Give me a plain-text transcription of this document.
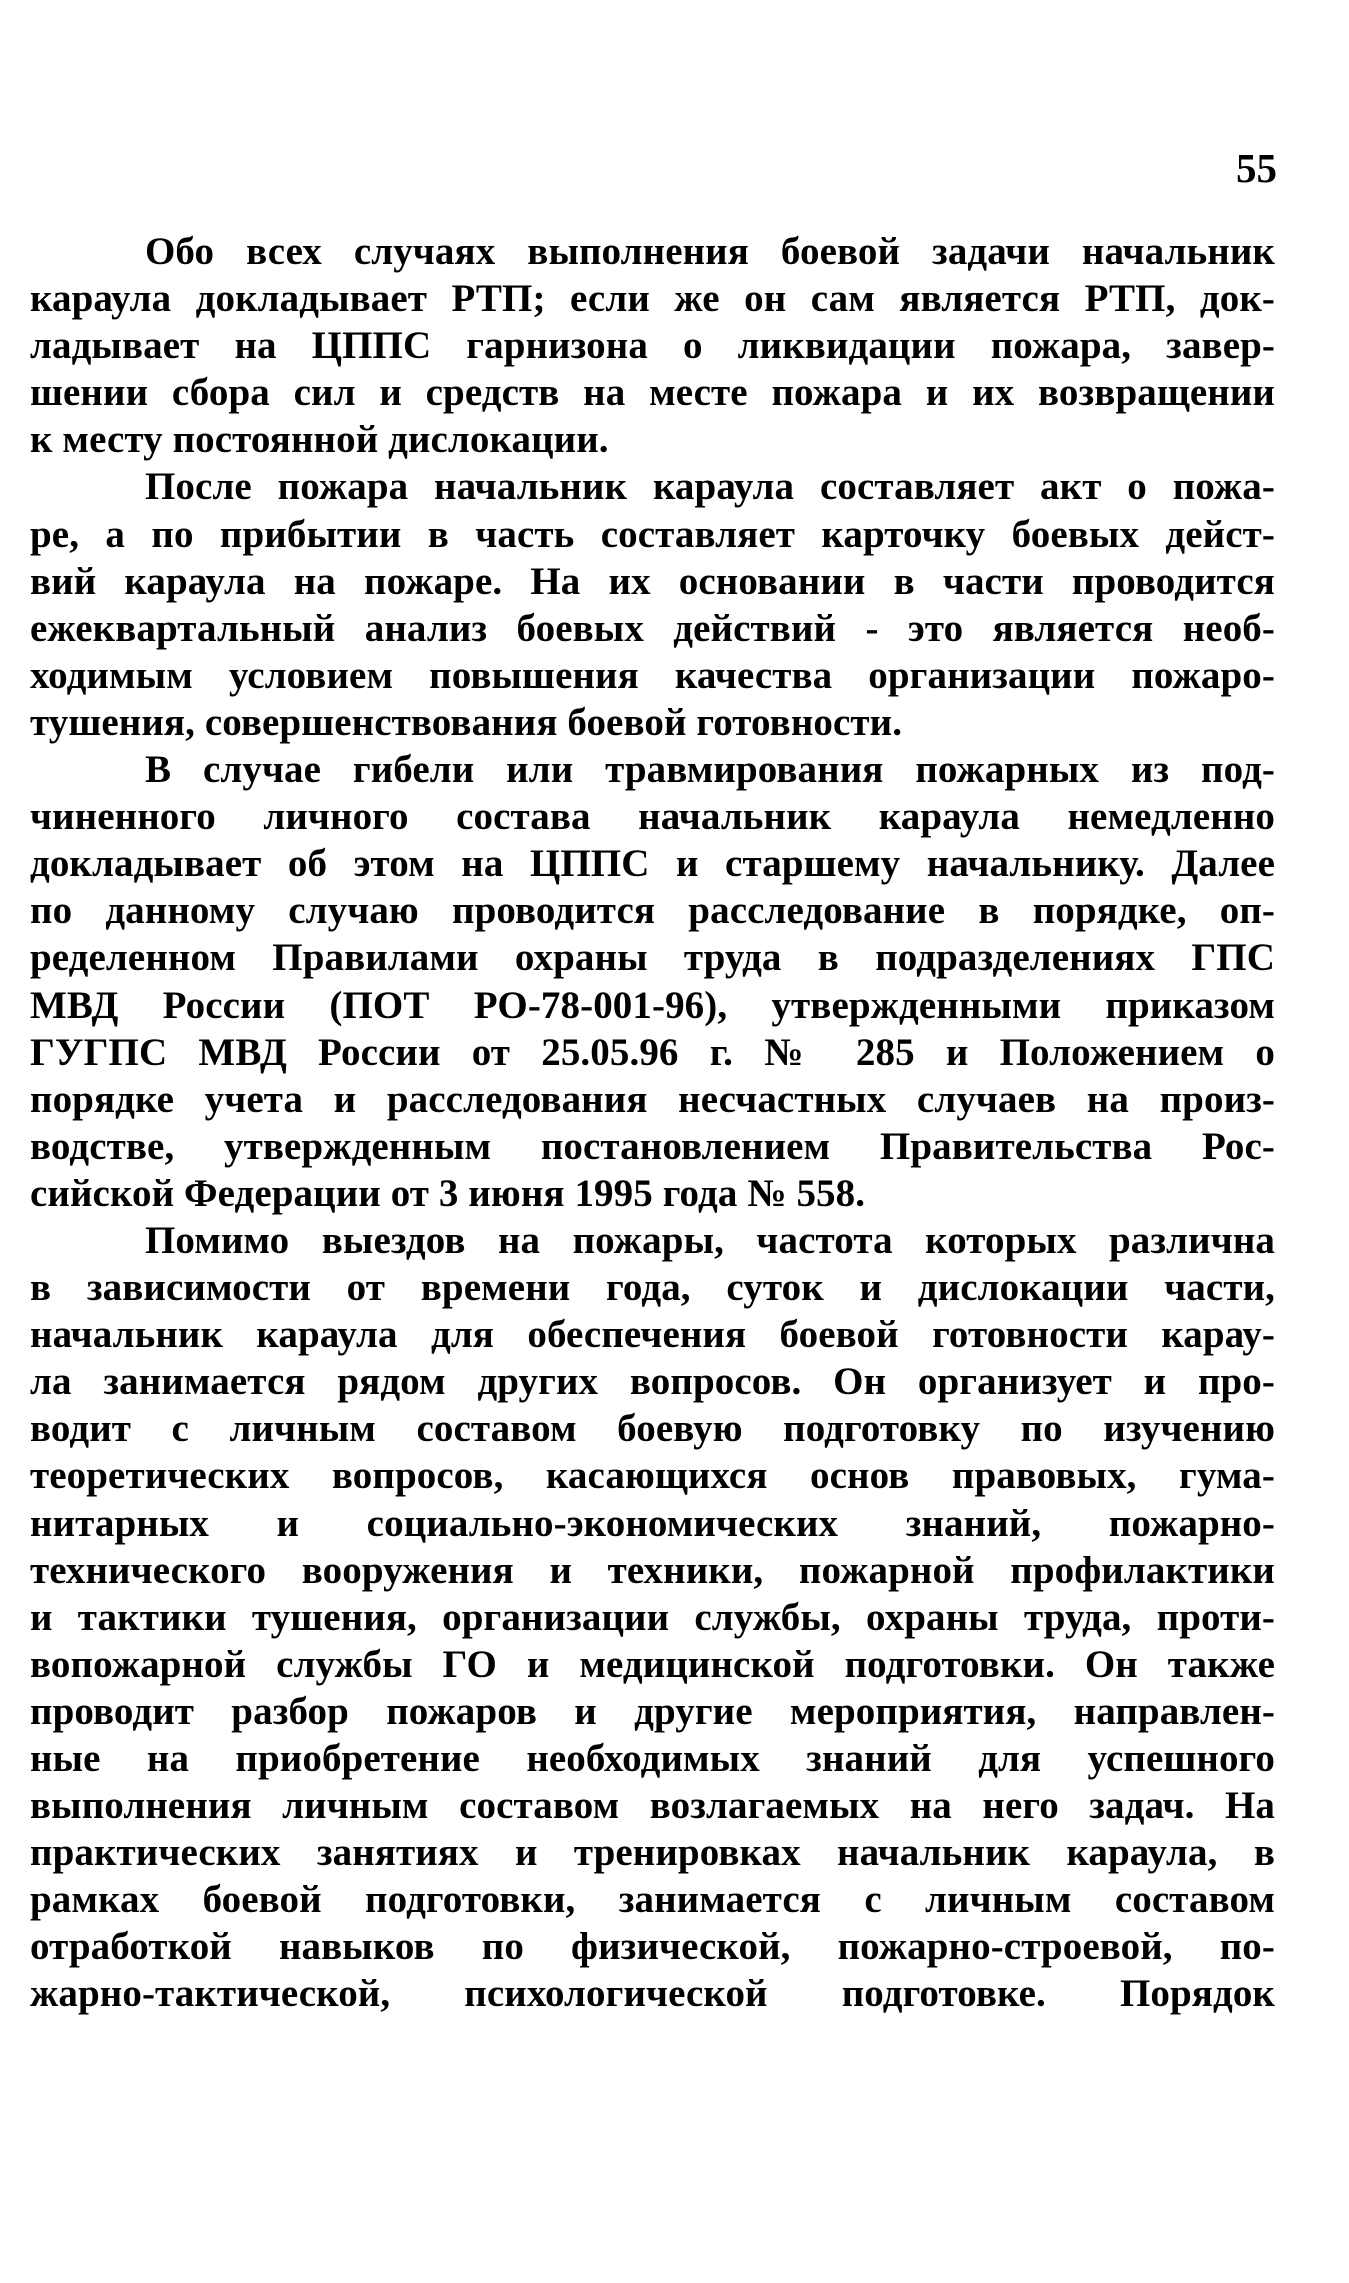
55

Обо всех случаях выполнения боевой задачи начальник
караула докладывает РТП; если же он сам является РТП, док-
ладывает на ЦППС гарнизона о ликвидации пожара, завер-
шении сбора сил и средств на месте пожара и их возвращении
к месту постоянной дислокации.

После пожара начальник караула составляет акт о пожа-
ре, а по прибытии в часть составляет карточку боевых дейст-
вий караула на пожаре. На их основании в части проводится
ежеквартальный анализ боевых действий - это является необ-
ходимым условием повышения качества организации пожаро-
тушения, совершенствования боевой готовности.

В случае гибели или травмирования пожарных из под-
чиненного личного состава начальник караула немедленно
докладывает об этом на ЦППС и старшему начальнику. Далее
по данному случаю проводится расследование в порядке, оп-
ределенном Правилами охраны труда в подразделениях ГПС
МВД России (ПОТ РО-78-001-96), утвержденными приказом
ГУГПС МВД России от 25.05.96 г. № 285 и Положением о
порядке учета и расследования несчастных случаев на произ-
водстве, утвержденным постановлением Правительства Рос-
сийской Федерации от 3 июня 1995 года № 558.

Помимо выездов на пожары, частота которых различна
в зависимости от времени года, суток и дислокации части,
начальник караула для обеспечения боевой готовности карау-
ла занимается рядом других вопросов. Он организует и про-
водит с личным составом боевую подготовку по изучению
теоретических вопросов, касающихся основ правовых, гума-
нитарных и социально-экономических знаний, пожарно-
технического вооружения и техники, пожарной профилактики
и тактики тушения, организации службы, охраны труда, проти-
вопожарной службы ГО и медицинской подготовки. Он также
проводит разбор пожаров и другие мероприятия, направлен-
ные на приобретение необходимых знаний для успешного
выполнения личным составом возлагаемых на него задач. На
практических занятиях и тренировках начальник караула, в
рамках боевой подготовки, занимается с личным составом
отработкой навыков по физической, пожарно-строевой, по-
жарно-тактической, психологической подготовке. Порядок
